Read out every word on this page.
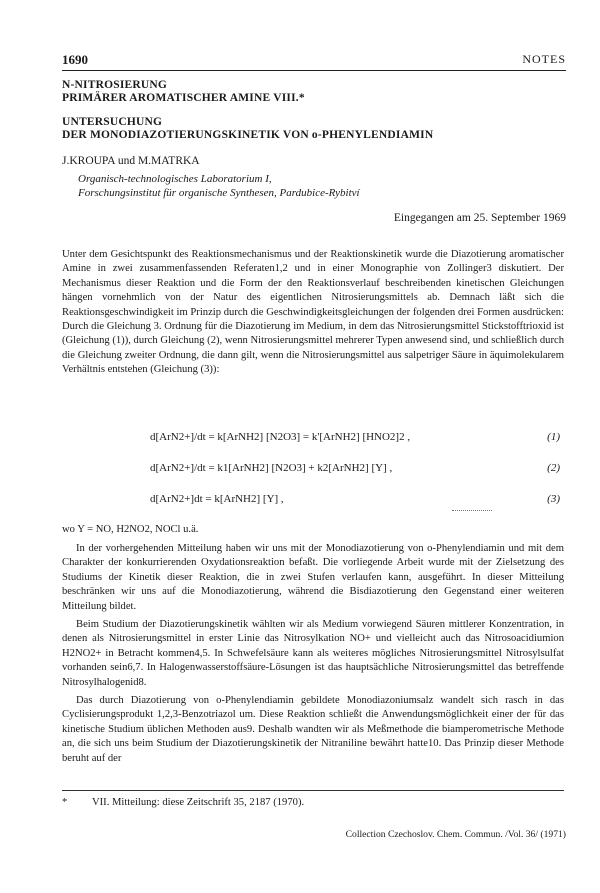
1690	NOTES
N-NITROSIERUNG
PRIMÄRER AROMATISCHER AMINE VIII.*
UNTERSUCHUNG
DER MONODIAZOTIERUNGSKINETIK VON o-PHENYLENDIAMIN

J.KROUPA und M.MATRKA

Organisch-technologisches Laboratorium I,
Forschungsinstitut für organische Synthesen, Pardubice-Rybitví
Eingegangen am 25. September 1969

Unter dem Gesichtspunkt des Reaktionsmechanismus und der Reaktionskinetik wurde die Diazotierung aromatischer Amine in zwei zusammenfassenden Referaten1,2 und in einer Monographie von Zollinger3 diskutiert. Der Mechanismus dieser Reaktion und die Form der den Reaktionsverlauf beschreibenden kinetischen Gleichungen hängen vornehmlich von der Natur des eigentlichen Nitrosierungsmittels ab. Demnach läßt sich die Reaktionsgeschwindigkeit im Prinzip durch die Geschwindigkeitsgleichungen der folgenden drei Formen ausdrücken: Durch die Gleichung 3. Ordnung für die Diazotierung im Medium, in dem das Nitrosierungsmittel Stickstofftrioxid ist (Gleichung (1)), durch Gleichung (2), wenn Nitrosierungsmittel mehrerer Typen anwesend sind, und schließlich durch die Gleichung zweiter Ordnung, die dann gilt, wenn die Nitrosierungsmittel aus salpetriger Säure in äquimolekularem Verhältnis entstehen (Gleichung (3)):

d[ArN2+]/dt = k[ArNH2] [N2O3] = k'[ArNH2] [HNO2]2 ,	(1)
d[ArN2+]/dt = k1[ArNH2] [N2O3] + k2[ArNH2] [Y] ,	(2)
d[ArN2+]dt = k[ArNH2] [Y] ,	(3)
wo Y = NO, H2NO2, NOCl u.ä.

In der vorhergehenden Mitteilung haben wir uns mit der Monodiazotierung von o-Phenylendiamin und mit dem Charakter der konkurrierenden Oxydationsreaktion befaßt. Die vorliegende Arbeit wurde mit der Zielsetzung des Studiums der Kinetik dieser Reaktion, die in zwei Stufen verlaufen kann, ausgeführt. In dieser Mitteilung beschränken wir uns auf die Monodiazotierung, während die Bisdiazotierung den Gegenstand einer weiteren Mitteilung bildet.

Beim Studium der Diazotierungskinetik wählten wir als Medium vorwiegend Säuren mittlerer Konzentration, in denen als Nitrosierungsmittel in erster Linie das Nitrosylkation NO+ und vielleicht auch das Nitrosoacidiumion H2NO2+ in Betracht kommen4,5. In Schwefelsäure kann als weiteres mögliches Nitrosierungsmittel Nitrosylsulfat vorhanden sein6,7. In Halogenwasserstoffsäure-Lösungen ist das hauptsächliche Nitrosierungsmittel das betreffende Nitrosylhalogenid8.

Das durch Diazotierung von o-Phenylendiamin gebildete Monodiazoniumsalz wandelt sich rasch in das Cyclisierungsprodukt 1,2,3-Benzotriazol um. Diese Reaktion schließt die Anwendungsmöglichkeit einer der für das kinetische Studium üblichen Methoden aus9. Deshalb wandten wir als Meßmethode die biamperometrische Methode an, die sich uns beim Studium der Diazotierungskinetik der Nitraniline bewährt hatte10. Das Prinzip dieser Methode beruht auf der

* VII. Mitteilung: diese Zeitschrift 35, 2187 (1970).
Collection Czechoslov. Chem. Commun. /Vol. 36/ (1971)
